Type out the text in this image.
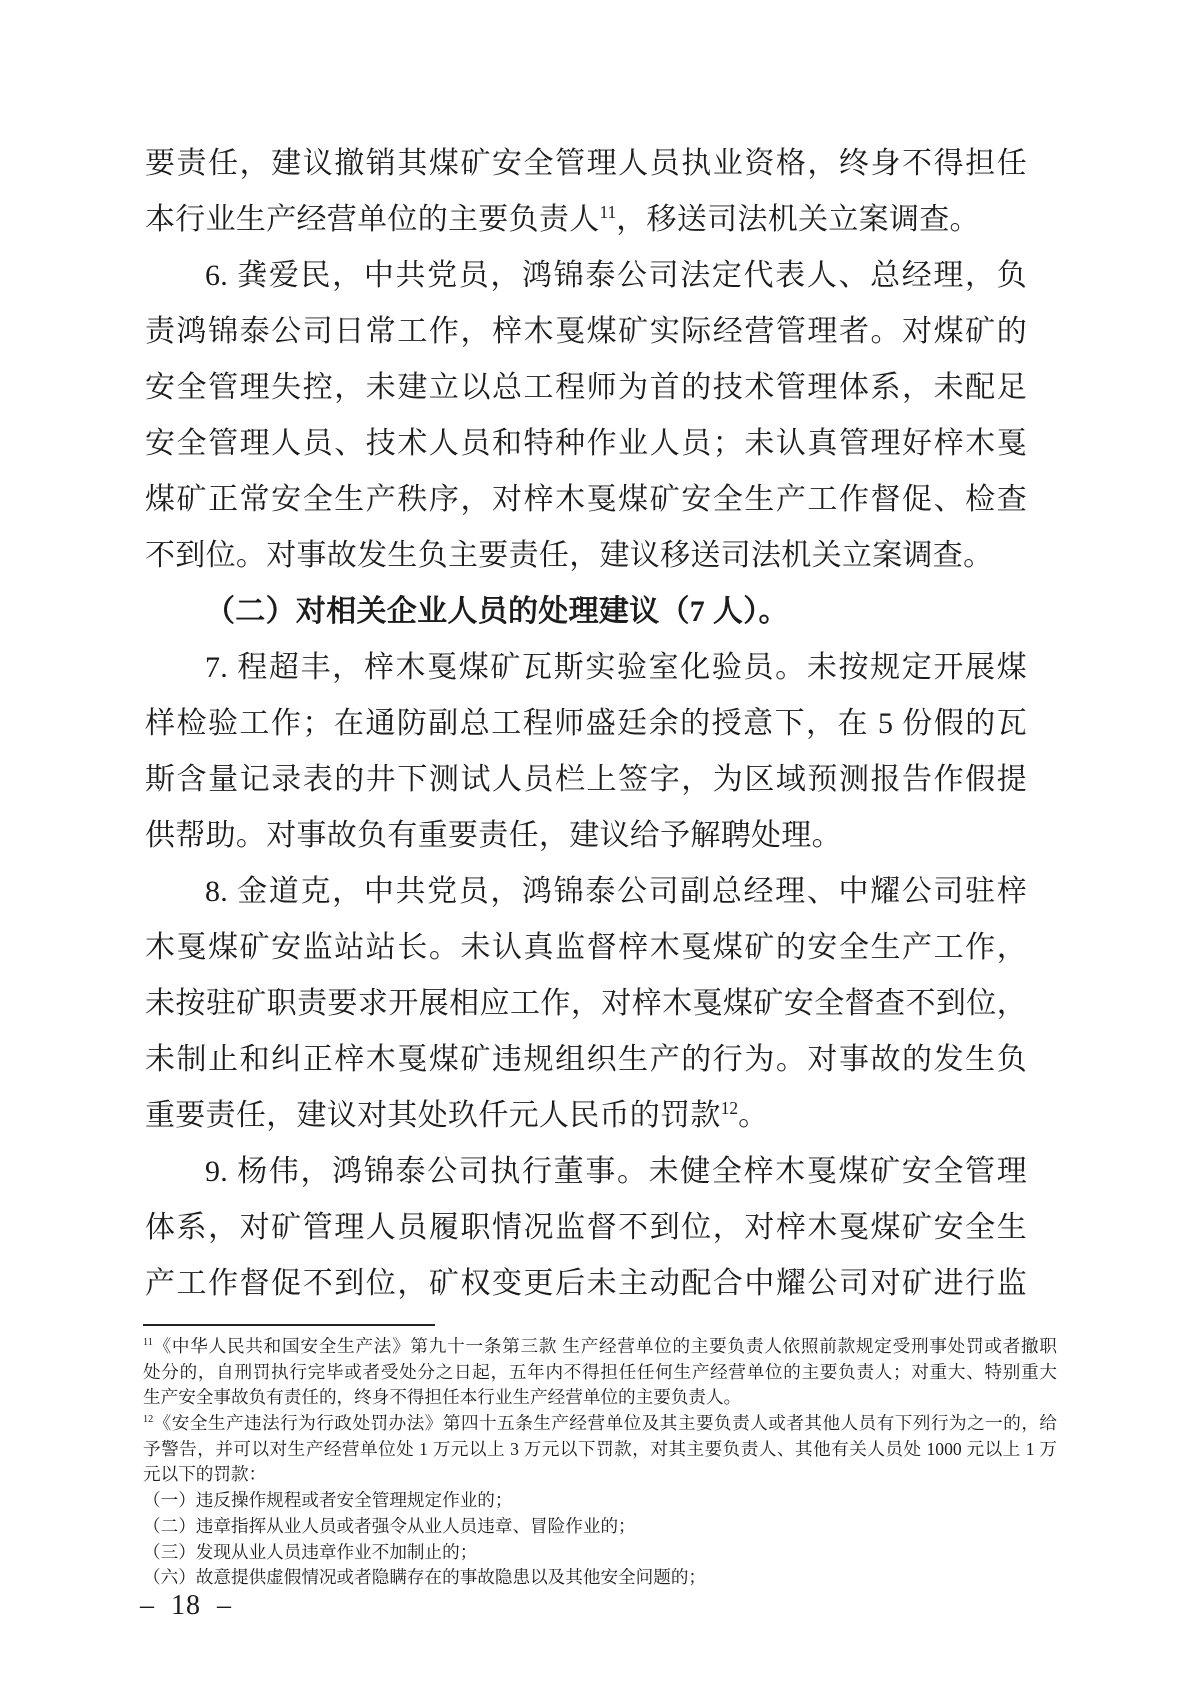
要责任，建议撤销其煤矿安全管理人员执业资格，终身不得担任
本行业生产经营单位的主要负责人$^{11}$，移送司法机关立案调查。
6. 龚爱民，中共党员，鸿锦泰公司法定代表人、总经理，负
责鸿锦泰公司日常工作，梓木戛煤矿实际经营管理者。对煤矿的
安全管理失控，未建立以总工程师为首的技术管理体系，未配足
安全管理人员、技术人员和特种作业人员；未认真管理好梓木戛
煤矿正常安全生产秩序，对梓木戛煤矿安全生产工作督促、检查
不到位。对事故发生负主要责任，建议移送司法机关立案调查。
（二）对相关企业人员的处理建议（7 人）。
7. 程超丰，梓木戛煤矿瓦斯实验室化验员。未按规定开展煤
样检验工作；在通防副总工程师盛廷余的授意下，在 5 份假的瓦
斯含量记录表的井下测试人员栏上签字，为区域预测报告作假提
供帮助。对事故负有重要责任，建议给予解聘处理。
8. 金道克，中共党员，鸿锦泰公司副总经理、中耀公司驻梓
木戛煤矿安监站站长。未认真监督梓木戛煤矿的安全生产工作，
未按驻矿职责要求开展相应工作，对梓木戛煤矿安全督查不到位，
未制止和纠正梓木戛煤矿违规组织生产的行为。对事故的发生负
重要责任，建议对其处玖仟元人民币的罚款$^{12}$。
9. 杨伟，鸿锦泰公司执行董事。未健全梓木戛煤矿安全管理
体系，对矿管理人员履职情况监督不到位，对梓木戛煤矿安全生
产工作督促不到位，矿权变更后未主动配合中耀公司对矿进行监
$^{11}$《中华人民共和国安全生产法》第九十一条第三款 生产经营单位的主要负责人依照前款规定受刑事处罚或者撤职
处分的，自刑罚执行完毕或者受处分之日起，五年内不得担任任何生产经营单位的主要负责人；对重大、特别重大
生产安全事故负有责任的，终身不得担任本行业生产经营单位的主要负责人。
$^{12}$《安全生产违法行为行政处罚办法》第四十五条生产经营单位及其主要负责人或者其他人员有下列行为之一的，给
予警告，并可以对生产经营单位处 1 万元以上 3 万元以下罚款，对其主要负责人、其他有关人员处 1000 元以上 1 万
元以下的罚款：
（一）违反操作规程或者安全管理规定作业的；
（二）违章指挥从业人员或者强令从业人员违章、冒险作业的；
（三）发现从业人员违章作业不加制止的；
（六）故意提供虚假情况或者隐瞒存在的事故隐患以及其他安全问题的；
– 18 –
